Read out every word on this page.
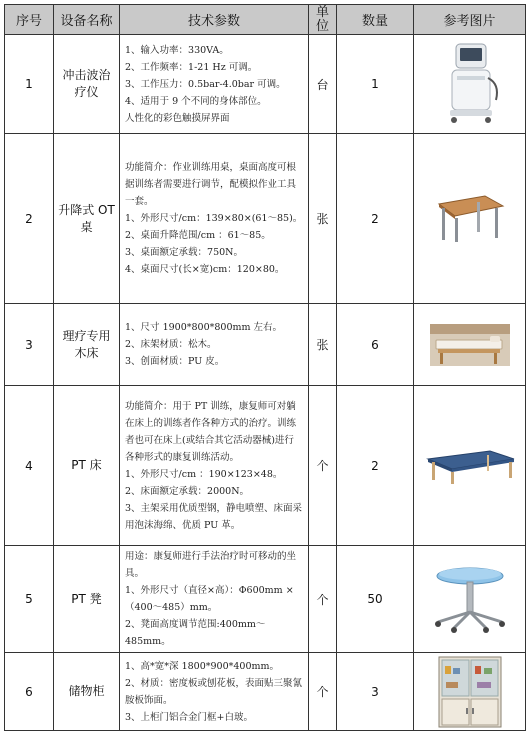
序号	设备名称	技术参数	单位	数量	参考图片
1	冲击波治疗仪	1、输入功率：330VA。
2、工作频率：1-21 Hz 可调。
3、工作压力：0.5bar-4.0bar 可调。
4、适用于 9 个不同的身体部位。
人性化的彩色触摸屏界面	台	1	

2	升降式 OT 桌	功能简介：作业训练用桌，桌面高度可根据训练者需要进行调节，配模拟作业工具一套。
1、外形尺寸/cm：139×80×(61～85)。
2、桌面升降范围/cm ：61～85。
3、桌面额定承载：750N。
4、桌面尺寸(长×宽)cm：120×80。	张	2	

3	理疗专用木床	1、尺寸 1900*800*800mm 左右。
2、床架材质：松木。
3、创面材质：PU 皮。	张	6	

4	PT 床	功能简介：用于 PT 训练，康复师可对躺在床上的训练者作各种方式的治疗。训练者也可在床上(或结合其它活动器械)进行各种形式的康复训练活动。
1、外形尺寸/cm ：190×123×48。
2、床面额定承载：2000N。
3、主架采用优质型钢，静电喷塑、床面采用泡沫海绵、优质 PU 革。	个	2	

5	PT 凳	用途：康复师进行手法治疗时可移动的坐具。
1、外形尺寸（直径×高）：Φ600mm ×（400～485）mm。
2、凳面高度调节范围:400mm～485mm。	个	50	

6	储物柜	1、高*宽*深 1800*900*400mm。
2、材质：密度板或刨花板，表面贴三聚氰胺板饰面。
3、上柜门铝合金门框+白玻。	个	3	
